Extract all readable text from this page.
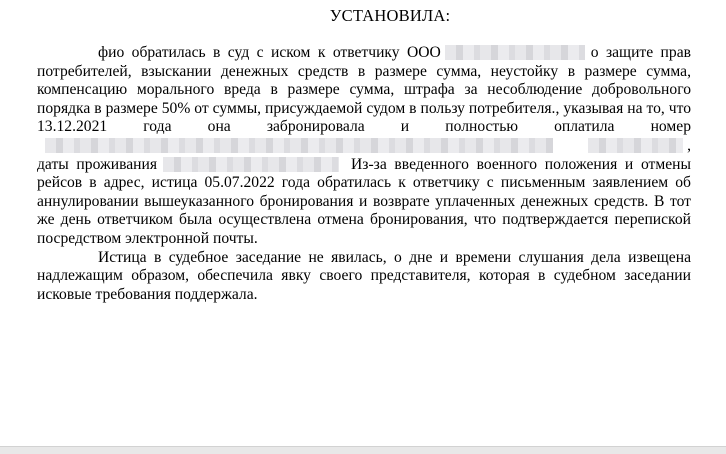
УСТАНОВИЛА:

фио обратилась в суд с иском к ответчику ООО	о защите прав потребителей, взыскании денежных средств в размере сумма, неустойку в размере сумма, компенсацию морального вреда в размере сумма, штрафа за несоблюдение добровольного порядка в размере 50% от суммы, присуждаемой судом в пользу потребителя., указывая на то, что 13.12.2021 года она забронировала и полностью оплатила номер , даты проживания	Из-за введенного военного положения и отмены рейсов в адрес, истица 05.07.2022 года обратилась к ответчику с письменным заявлением об аннулировании вышеуказанного бронирования и возврате уплаченных денежных средств. В тот же день ответчиком была осуществлена отмена бронирования, что подтверждается перепиской посредством электронной почты.

Истица в судебное заседание не явилась, о дне и времени слушания дела извещена надлежащим образом, обеспечила явку своего представителя, которая в судебном заседании исковые требования поддержала.
